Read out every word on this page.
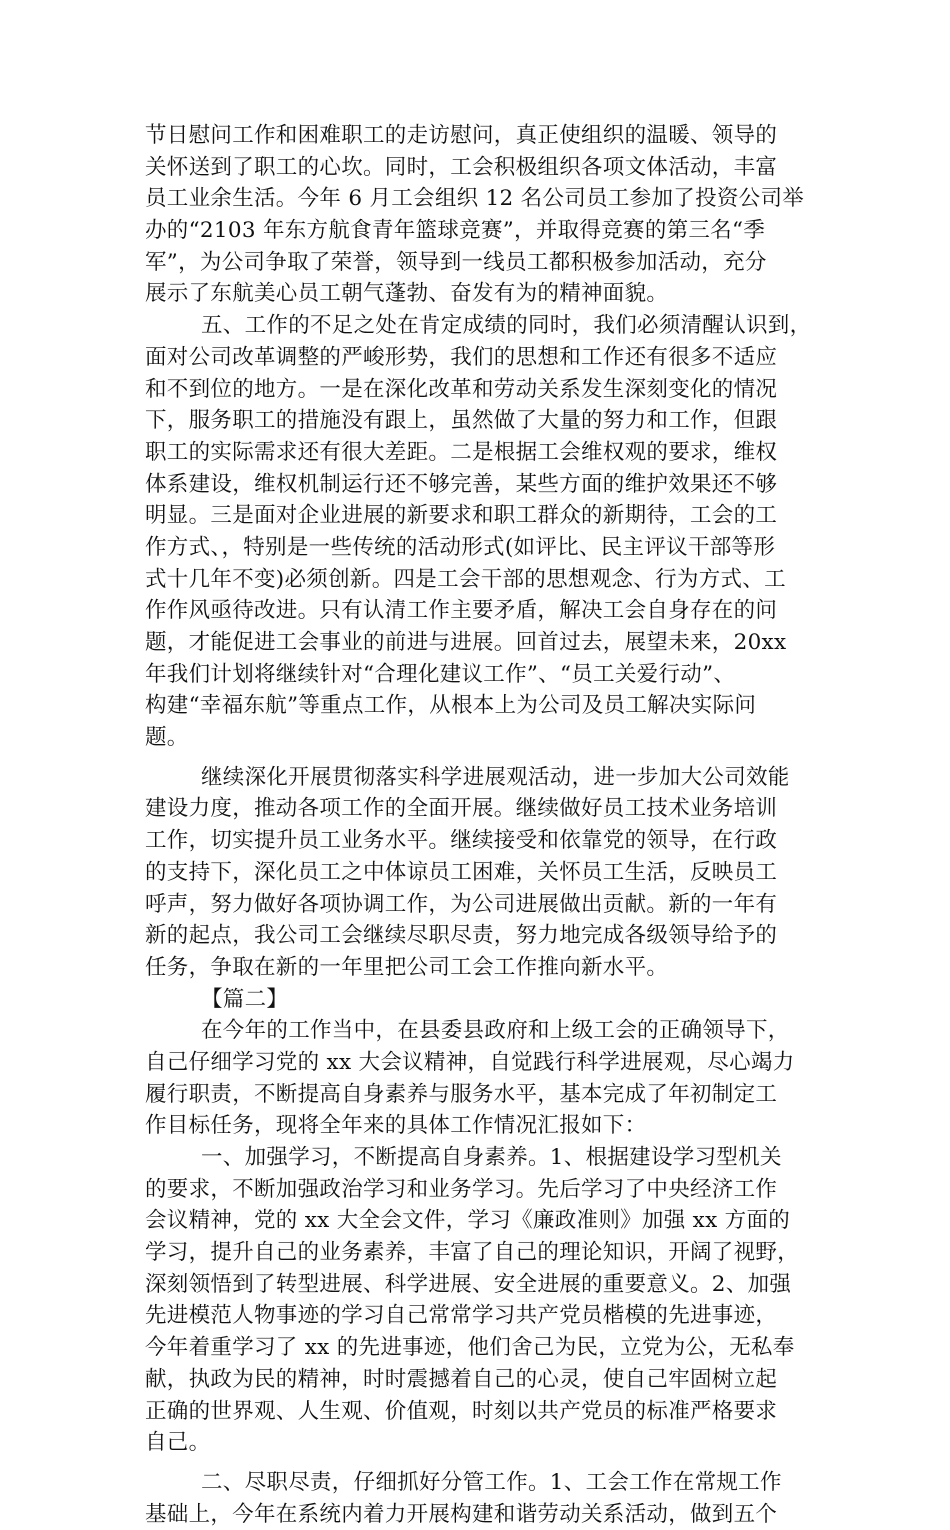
节日慰问工作和困难职工的走访慰问，真正使组织的温暖、领导的
关怀送到了职工的心坎。同时，工会积极组织各项文体活动，丰富
员工业余生活。今年 6 月工会组织 12 名公司员工参加了投资公司举
办的“2103 年东方航食青年篮球竞赛”，并取得竞赛的第三名“季
军”，为公司争取了荣誉，领导到一线员工都积极参加活动，充分
展示了东航美心员工朝气蓬勃、奋发有为的精神面貌。
五、工作的不足之处在肯定成绩的同时，我们必须清醒认识到，
面对公司改革调整的严峻形势，我们的思想和工作还有很多不适应
和不到位的地方。一是在深化改革和劳动关系发生深刻变化的情况
下，服务职工的措施没有跟上，虽然做了大量的努力和工作，但跟
职工的实际需求还有很大差距。二是根据工会维权观的要求，维权
体系建设，维权机制运行还不够完善，某些方面的维护效果还不够
明显。三是面对企业进展的新要求和职工群众的新期待，工会的工
作方式、，特别是一些传统的活动形式(如评比、民主评议干部等形
式十几年不变)必须创新。四是工会干部的思想观念、行为方式、工
作作风亟待改进。只有认清工作主要矛盾，解决工会自身存在的问
题，才能促进工会事业的前进与进展。回首过去，展望未来，20xx
年我们计划将继续针对“合理化建议工作”、“员工关爱行动”、
构建“幸福东航”等重点工作，从根本上为公司及员工解决实际问
题。
继续深化开展贯彻落实科学进展观活动，进一步加大公司效能
建设力度，推动各项工作的全面开展。继续做好员工技术业务培训
工作，切实提升员工业务水平。继续接受和依靠党的领导，在行政
的支持下，深化员工之中体谅员工困难，关怀员工生活，反映员工
呼声，努力做好各项协调工作，为公司进展做出贡献。新的一年有
新的起点，我公司工会继续尽职尽责，努力地完成各级领导给予的
任务，争取在新的一年里把公司工会工作推向新水平。
【篇二】
在今年的工作当中，在县委县政府和上级工会的正确领导下，
自己仔细学习党的 xx 大会议精神，自觉践行科学进展观，尽心竭力
履行职责，不断提高自身素养与服务水平，基本完成了年初制定工
作目标任务，现将全年来的具体工作情况汇报如下：
一、加强学习，不断提高自身素养。1、根据建设学习型机关
的要求，不断加强政治学习和业务学习。先后学习了中央经济工作
会议精神，党的 xx 大全会文件，学习《廉政准则》加强 xx 方面的
学习，提升自己的业务素养，丰富了自己的理论知识，开阔了视野，
深刻领悟到了转型进展、科学进展、安全进展的重要意义。2、加强
先进模范人物事迹的学习自己常常学习共产党员楷模的先进事迹，
今年着重学习了 xx 的先进事迹，他们舍己为民，立党为公，无私奉
献，执政为民的精神，时时震撼着自己的心灵，使自己牢固树立起
正确的世界观、人生观、价值观，时刻以共产党员的标准严格要求
自己。
二、尽职尽责，仔细抓好分管工作。1、工会工作在常规工作
基础上，今年在系统内着力开展构建和谐劳动关系活动，做到五个
